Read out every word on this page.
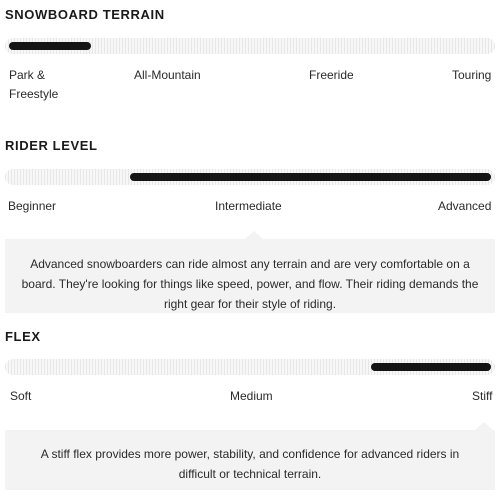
SNOWBOARD TERRAIN
Park & Freestyle
All-Mountain	Freeride	Touring
RIDER LEVEL
Beginner	Intermediate	Advanced
Advanced snowboarders can ride almost any terrain and are very comfortable on a board. They're looking for things like speed, power, and flow. Their riding demands the right gear for their style of riding.
FLEX
Soft	Medium	Stiff
A stiff flex provides more power, stability, and confidence for advanced riders in difficult or technical terrain.
